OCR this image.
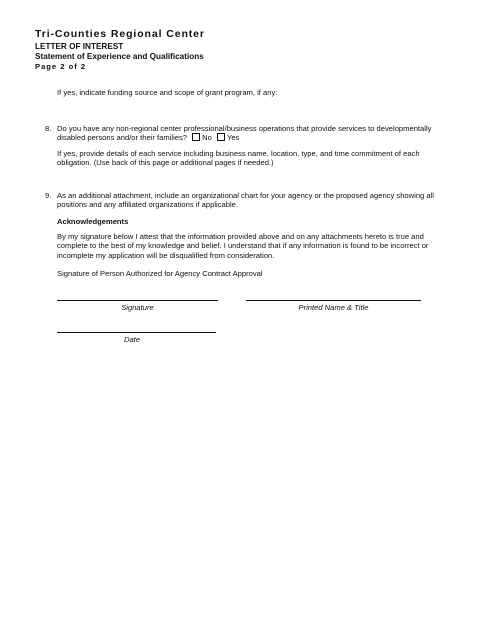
Tri-Counties Regional Center
LETTER OF INTEREST
Statement of Experience and Qualifications
Page 2 of 2
If yes, indicate funding source and scope of grant program, if any:
8. Do you have any non-regional center professional/business operations that provide services to developmentally
disabled persons and/or their families? No Yes
If yes, provide details of each service including business name, location, type, and time commitment of each
obligation. (Use back of this page or additional pages if needed.)
9. As an additional attachment, include an organizational chart for your agency or the proposed agency showing all
positions and any affiliated organizations if applicable.
Acknowledgements
By my signature below I attest that the information provided above and on any attachments hereto is true and
complete to the best of my knowledge and belief. I understand that if any information is found to be incorrect or
incomplete my application will be disqualified from consideration.
Signature of Person Authorized for Agency Contract Approval
Signature	Printed Name & Title
Date
